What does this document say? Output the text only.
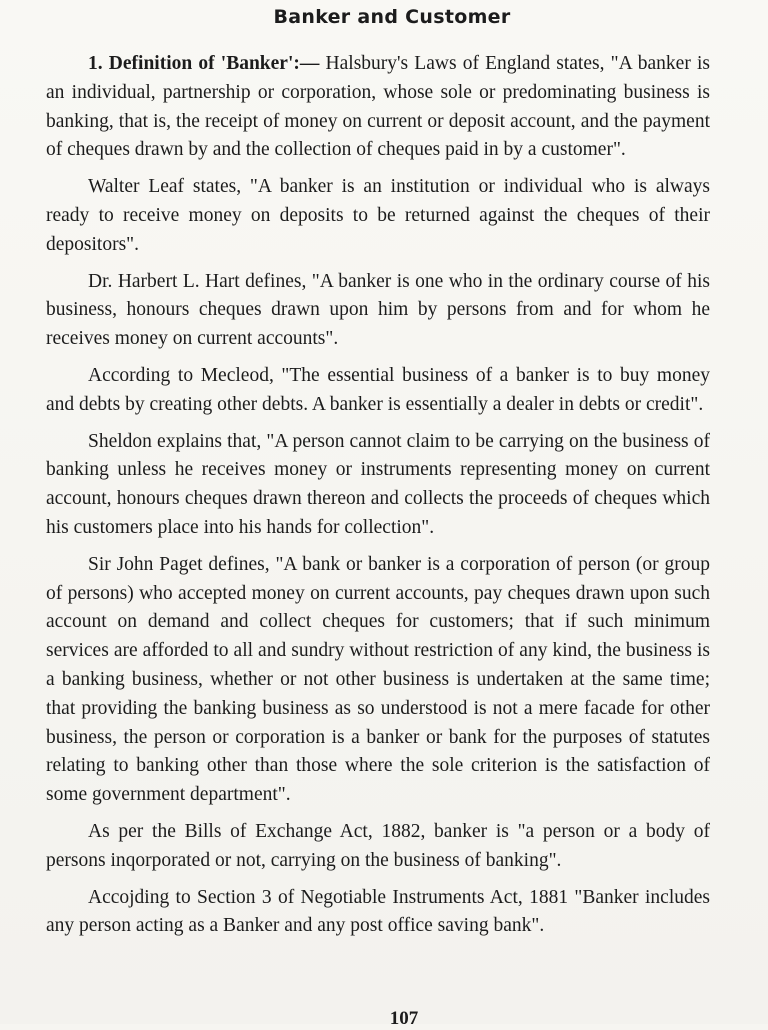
Banker and Customer

1. Definition of 'Banker':— Halsbury's Laws of England states, "A banker is an individual, partnership or corporation, whose sole or predominating business is banking, that is, the receipt of money on current or deposit account, and the payment of cheques drawn by and the collection of cheques paid in by a customer".

Walter Leaf states, "A banker is an institution or individual who is always ready to receive money on deposits to be returned against the cheques of their depositors".

Dr. Harbert L. Hart defines, "A banker is one who in the ordinary course of his business, honours cheques drawn upon him by persons from and for whom he receives money on current accounts".

According to Mecleod, "The essential business of a banker is to buy money and debts by creating other debts. A banker is essentially a dealer in debts or credit".

Sheldon explains that, "A person cannot claim to be carrying on the business of banking unless he receives money or instruments representing money on current account, honours cheques drawn thereon and collects the proceeds of cheques which his customers place into his hands for collection".

Sir John Paget defines, "A bank or banker is a corporation of person (or group of persons) who accepted money on current accounts, pay cheques drawn upon such account on demand and collect cheques for customers; that if such minimum services are afforded to all and sundry without restriction of any kind, the business is a banking business, whether or not other business is undertaken at the same time; that providing the banking business as so understood is not a mere facade for other business, the person or corporation is a banker or bank for the purposes of statutes relating to banking other than those where the sole criterion is the satisfaction of some government department".

As per the Bills of Exchange Act, 1882, banker is "a person or a body of persons inqorporated or not, carrying on the business of banking".

Accojding to Section 3 of Negotiable Instruments Act, 1881 "Banker includes any person acting as a Banker and any post office saving bank".

107
